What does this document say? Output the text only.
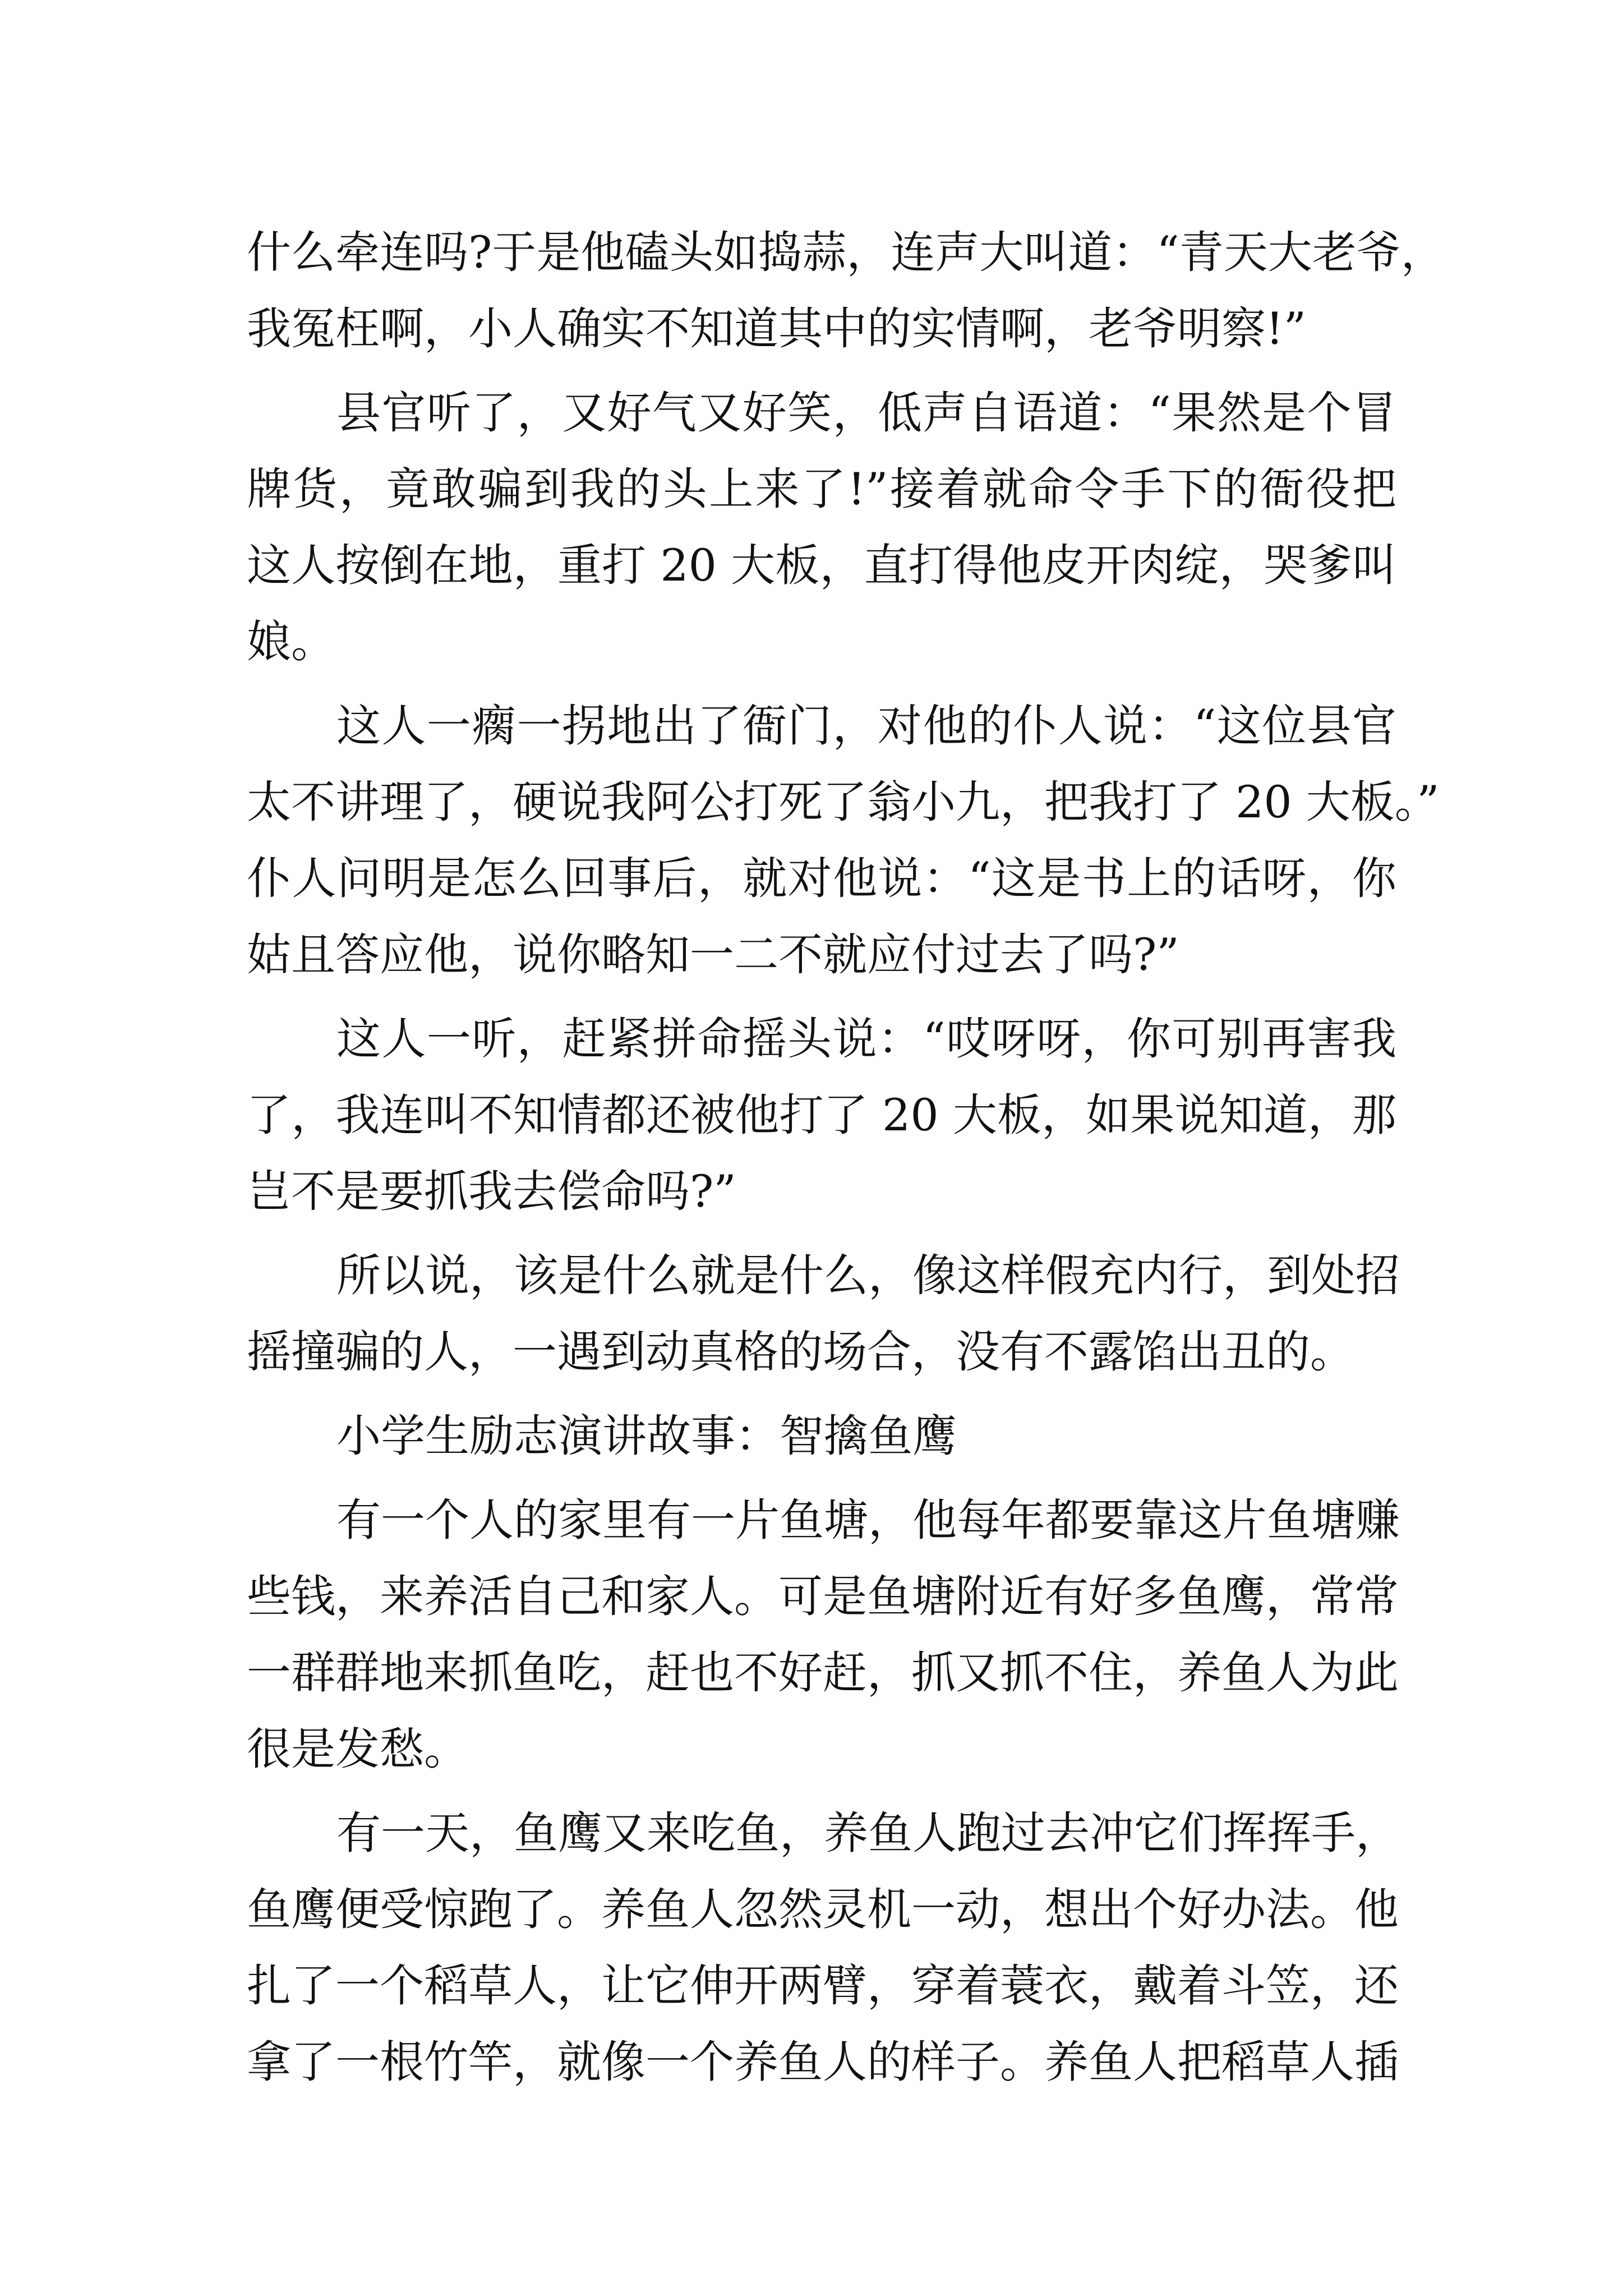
什么牵连吗?于是他磕头如捣蒜，连声大叫道：“青天大老爷，
我冤枉啊，小人确实不知道其中的实情啊，老爷明察!”
县官听了，又好气又好笑，低声自语道：“果然是个冒
牌货，竟敢骗到我的头上来了!”接着就命令手下的衙役把
这人按倒在地，重打 20 大板，直打得他皮开肉绽，哭爹叫
娘。
这人一瘸一拐地出了衙门，对他的仆人说：“这位县官
太不讲理了，硬说我阿公打死了翁小九，把我打了 20 大板。”
仆人问明是怎么回事后，就对他说：“这是书上的话呀，你
姑且答应他，说你略知一二不就应付过去了吗?”
这人一听，赶紧拼命摇头说：“哎呀呀，你可别再害我
了，我连叫不知情都还被他打了 20 大板，如果说知道，那
岂不是要抓我去偿命吗?”
所以说，该是什么就是什么，像这样假充内行，到处招
摇撞骗的人，一遇到动真格的场合，没有不露馅出丑的。
小学生励志演讲故事：智擒鱼鹰
有一个人的家里有一片鱼塘，他每年都要靠这片鱼塘赚
些钱，来养活自己和家人。可是鱼塘附近有好多鱼鹰，常常
一群群地来抓鱼吃，赶也不好赶，抓又抓不住，养鱼人为此
很是发愁。
有一天，鱼鹰又来吃鱼，养鱼人跑过去冲它们挥挥手，
鱼鹰便受惊跑了。养鱼人忽然灵机一动，想出个好办法。他
扎了一个稻草人，让它伸开两臂，穿着蓑衣，戴着斗笠，还
拿了一根竹竿，就像一个养鱼人的样子。养鱼人把稻草人插
